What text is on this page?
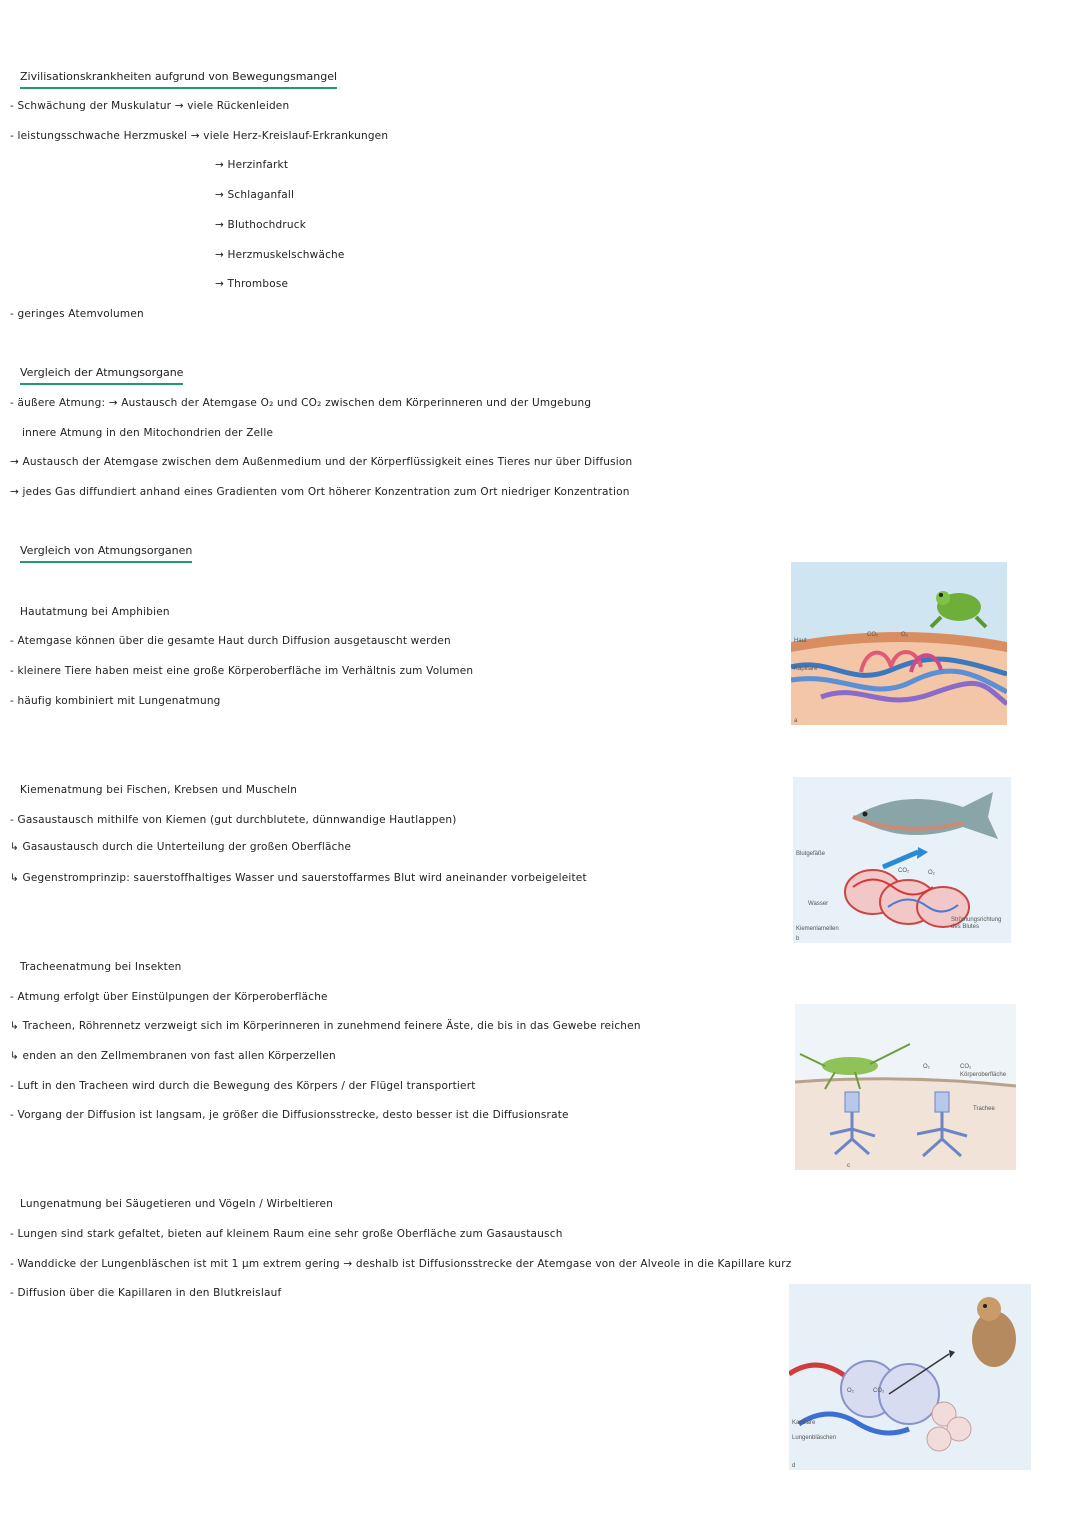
Zivilisationskrankheiten aufgrund von Bewegungsmangel
- Schwächung der Muskulatur → viele Rückenleiden
- leistungsschwache Herzmuskel → viele Herz-Kreislauf-Erkrankungen
→ Herzinfarkt
→ Schlaganfall
→ Bluthochdruck
→ Herzmuskelschwäche
→ Thrombose
- geringes Atemvolumen
Vergleich der Atmungsorgane
- äußere Atmung: → Austausch der Atemgase O₂ und CO₂ zwischen dem Körperinneren und der Umgebung
innere Atmung in den Mitochondrien der Zelle
→ Austausch der Atemgase zwischen dem Außenmedium und der Körperflüssigkeit eines Tieres nur über Diffusion
→ jedes Gas diffundiert anhand eines Gradienten vom Ort höherer Konzentration zum Ort niedriger Konzentration
Vergleich von Atmungsorganen
Hautatmung bei Amphibien
- Atemgase können über die gesamte Haut durch Diffusion ausgetauscht werden
- kleinere Tiere haben meist eine große Körperoberfläche im Verhältnis zum Volumen
- häufig kombiniert mit Lungenatmung
Kiemenatmung bei Fischen, Krebsen und Muscheln
- Gasaustausch mithilfe von Kiemen (gut durchblutete, dünnwandige Hautlappen)
↳ Gasaustausch durch die Unterteilung der großen Oberfläche
↳ Gegenstromprinzip: sauerstoffhaltiges Wasser und sauerstoffarmes Blut wird aneinander vorbeigeleitet
Tracheenatmung bei Insekten
- Atmung erfolgt über Einstülpungen der Körperoberfläche
↳ Tracheen, Röhrennetz verzweigt sich im Körperinneren in zunehmend feinere Äste, die bis in das Gewebe reichen
↳ enden an den Zellmembranen von fast allen Körperzellen
- Luft in den Tracheen wird durch die Bewegung des Körpers / der Flügel transportiert
- Vorgang der Diffusion ist langsam, je größer die Diffusionsstrecke, desto besser ist die Diffusionsrate
Lungenatmung bei Säugetieren und Vögeln / Wirbeltieren
- Lungen sind stark gefaltet, bieten auf kleinem Raum eine sehr große Oberfläche zum Gasaustausch
- Wanddicke der Lungenbläschen ist mit 1 µm extrem gering → deshalb ist Diffusionsstrecke der Atemgase von der Alveole in die Kapillare kurz
- Diffusion über die Kapillaren in den Blutkreislauf
Haut
Kapillare
CO₂	O₂
a
Blutgefäße
Wasser
Kiemenlamellen
Strömungsrichtung
des Blutes
CO₂	O₂
b
CO₂
Körperoberfläche
Trachee
O₂
c
Kapillare
Lungenbläschen
CO₂
O₂
d
